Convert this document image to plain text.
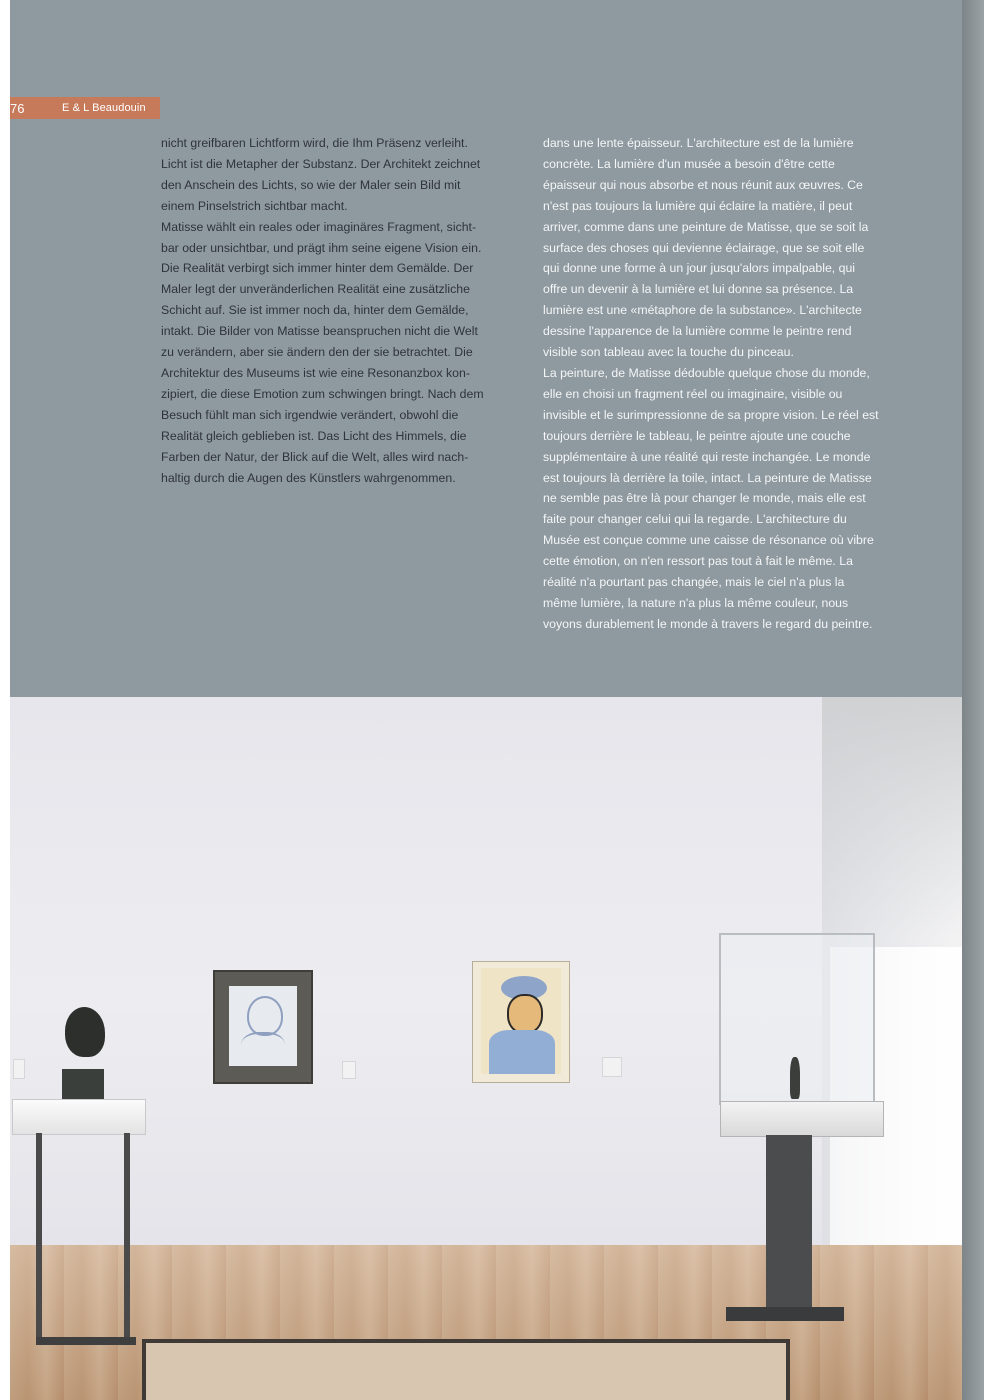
76	E & L Beaudouin
nicht greifbaren Lichtform wird, die Ihm Präsenz verleiht.
Licht ist die Metapher der Substanz. Der Architekt zeichnet
den Anschein des Lichts, so wie der Maler sein Bild mit
einem Pinselstrich sichtbar macht.
Matisse wählt ein reales oder imaginäres Fragment, sicht-
bar oder unsichtbar, und prägt ihm seine eigene Vision ein.
Die Realität verbirgt sich immer hinter dem Gemälde. Der
Maler legt der unveränderlichen Realität eine zusätzliche
Schicht auf. Sie ist immer noch da, hinter dem Gemälde,
intakt. Die Bilder von Matisse beanspruchen nicht die Welt
zu verändern, aber sie ändern den der sie betrachtet. Die
Architektur des Museums ist wie eine Resonanzbox kon-
zipiert, die diese Emotion zum schwingen bringt. Nach dem
Besuch fühlt man sich irgendwie verändert, obwohl die
Realität gleich geblieben ist. Das Licht des Himmels, die
Farben der Natur, der Blick auf die Welt, alles wird nach-
haltig durch die Augen des Künstlers wahrgenommen.
dans une lente épaisseur. L'architecture est de la lumière
concrète. La lumière d'un musée a besoin d'être cette
épaisseur qui nous absorbe et nous réunit aux œuvres. Ce
n'est pas toujours la lumière qui éclaire la matière, il peut
arriver, comme dans une peinture de Matisse, que se soit la
surface des choses qui devienne éclairage, que se soit elle
qui donne une forme à un jour jusqu'alors impalpable, qui
offre un devenir à la lumière et lui donne sa présence. La
lumière est une «métaphore de la substance». L'architecte
dessine l'apparence de la lumière comme le peintre rend
visible son tableau avec la touche du pinceau.
La peinture, de Matisse dédouble quelque chose du monde,
elle en choisi un fragment réel ou imaginaire, visible ou
invisible et le surimpressionne de sa propre vision. Le réel est
toujours derrière le tableau, le peintre ajoute une couche
supplémentaire à une réalité qui reste inchangée. Le monde
est toujours là derrière la toile, intact. La peinture de Matisse
ne semble pas être là pour changer le monde, mais elle est
faite pour changer celui qui la regarde. L'architecture du
Musée est conçue comme une caisse de résonance où vibre
cette émotion, on n'en ressort pas tout à fait le même. La
réalité n'a pourtant pas changée, mais le ciel n'a plus la
même lumière, la nature n'a plus la même couleur, nous
voyons durablement le monde à travers le regard du peintre.
